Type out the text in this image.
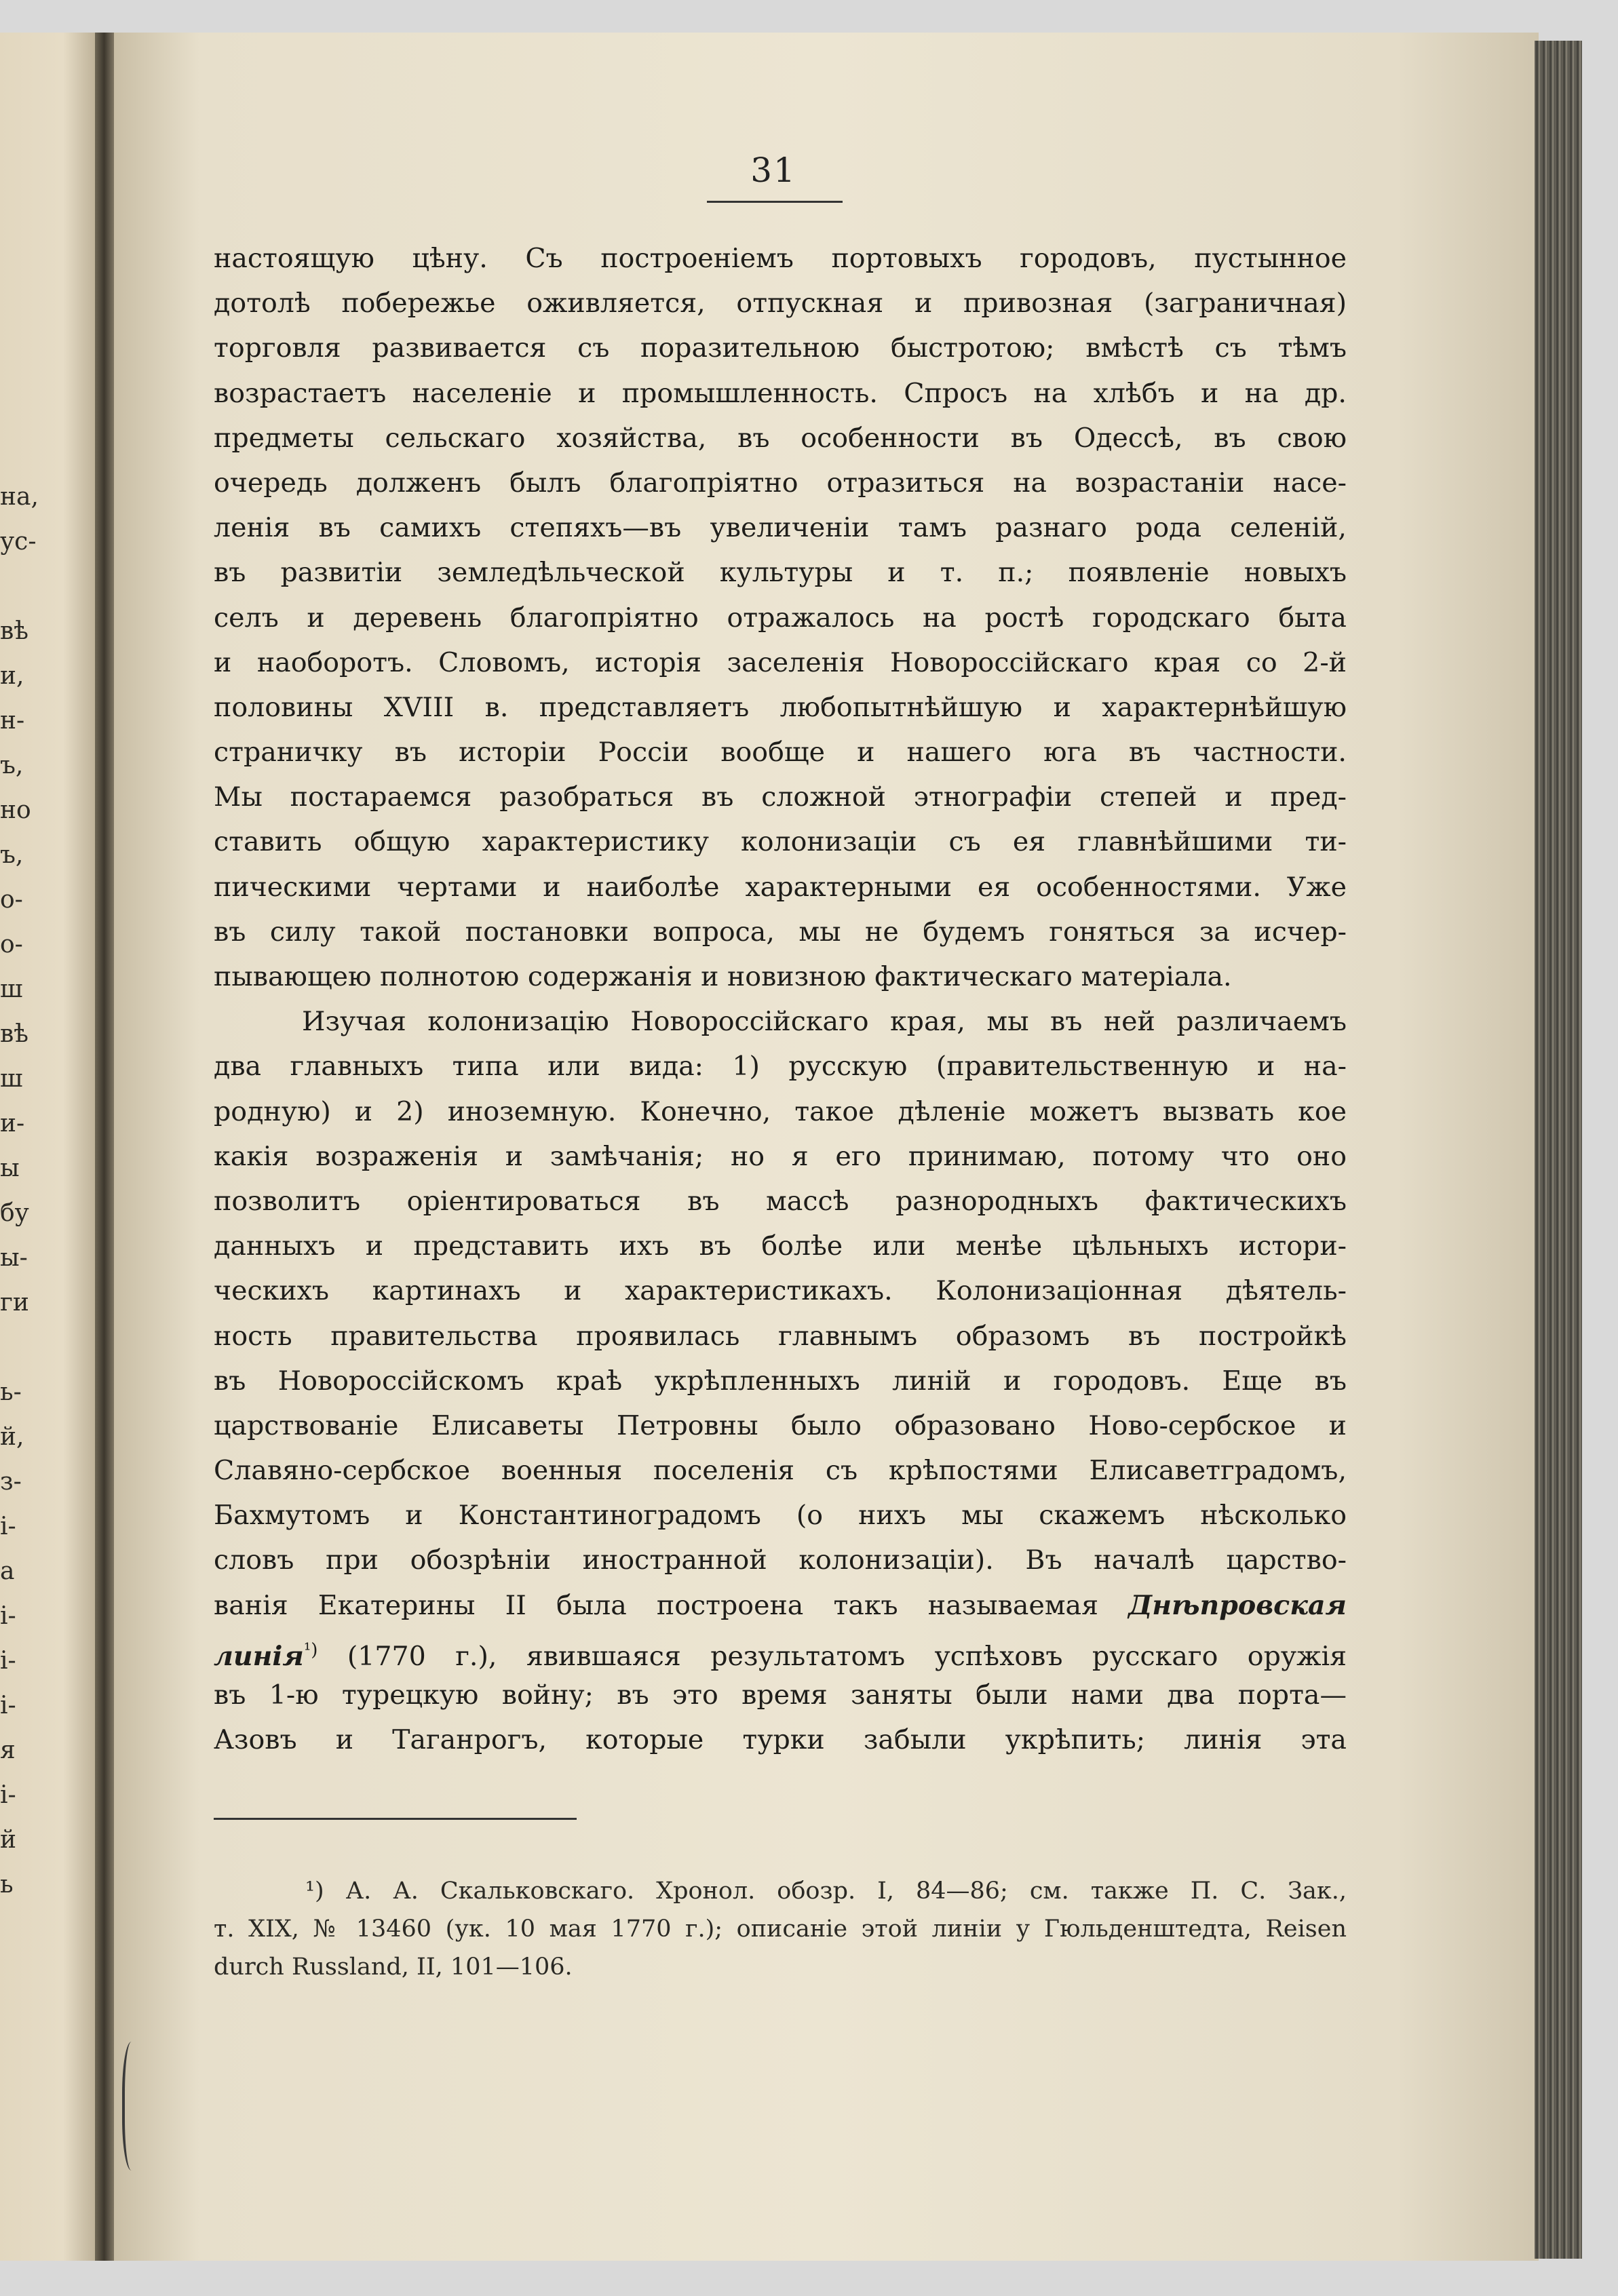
на,
ус-
вѣ
и,
н-
ъ,
но
ъ,
о-
о-
ш
вѣ
ш
и-
ы
бу
ы-
ги
ь-
й,
з-
і-
а
і-
і-
і-
я
і-
й
ь
31
настоящую цѣну. Съ построеніемъ портовыхъ городовъ, пустынное
дотолѣ побережье оживляется, отпускная и привозная (заграничная)
торговля развивается съ поразительною быстротою; вмѣстѣ съ тѣмъ
возрастаетъ населеніе и промышленность. Спросъ на хлѣбъ и на др.
предметы сельскаго хозяйства, въ особенности въ Одессѣ, въ свою
очередь долженъ былъ благопріятно отразиться на возрастаніи насе-
ленія въ самихъ степяхъ—въ увеличеніи тамъ разнаго рода селеній,
въ развитіи земледѣльческой культуры и т. п.; появленіе новыхъ
селъ и деревень благопріятно отражалось на ростѣ городскаго быта
и наоборотъ. Словомъ, исторія заселенія Новороссійскаго края со 2-й
половины XVIII в. представляетъ любопытнѣйшую и характернѣйшую
страничку въ исторіи Россіи вообще и нашего юга въ частности.
Мы постараемся разобраться въ сложной этнографіи степей и пред-
ставить общую характеристику колонизаціи съ ея главнѣйшими ти-
пическими чертами и наиболѣе характерными ея особенностями. Уже
въ силу такой постановки вопроса, мы не будемъ гоняться за исчер-
пывающею полнотою содержанія и новизною фактическаго матеріала.
Изучая колонизацію Новороссійскаго края, мы въ ней различаемъ
два главныхъ типа или вида: 1) русскую (правительственную и на-
родную) и 2) иноземную. Конечно, такое дѣленіе можетъ вызвать кое
какія возраженія и замѣчанія; но я его принимаю, потому что оно
позволитъ оріентироваться въ массѣ разнородныхъ фактическихъ
данныхъ и представить ихъ въ болѣе или менѣе цѣльныхъ истори-
ческихъ картинахъ и характеристикахъ. Колонизаціонная дѣятель-
ность правительства проявилась главнымъ образомъ въ постройкѣ
въ Новороссійскомъ краѣ укрѣпленныхъ линій и городовъ. Еще въ
царствованіе Елисаветы Петровны было образовано Ново-сербское и
Славяно-сербское военныя поселенія съ крѣпостями Елисаветградомъ,
Бахмутомъ и Константиноградомъ (о нихъ мы скажемъ нѣсколько
словъ при обозрѣніи иностранной колонизаціи). Въ началѣ царство-
ванія Екатерины II была построена такъ называемая Днѣпровская
линія$^{^1)}$ (1770 г.), явившаяся результатомъ успѣховъ русскаго оружія
въ 1-ю турецкую войну; въ это время заняты были нами два порта—
Азовъ и Таганрогъ, которые турки забыли укрѣпить; линія эта
¹) А. А. Скальковскаго. Хронол. обозр. I, 84—86; см. также П. С. Зак.,
т. XIX, № 13460 (ук. 10 мая 1770 г.); описаніе этой линіи у Гюльденштедта, Reisen
durch Russland, II, 101—106.
